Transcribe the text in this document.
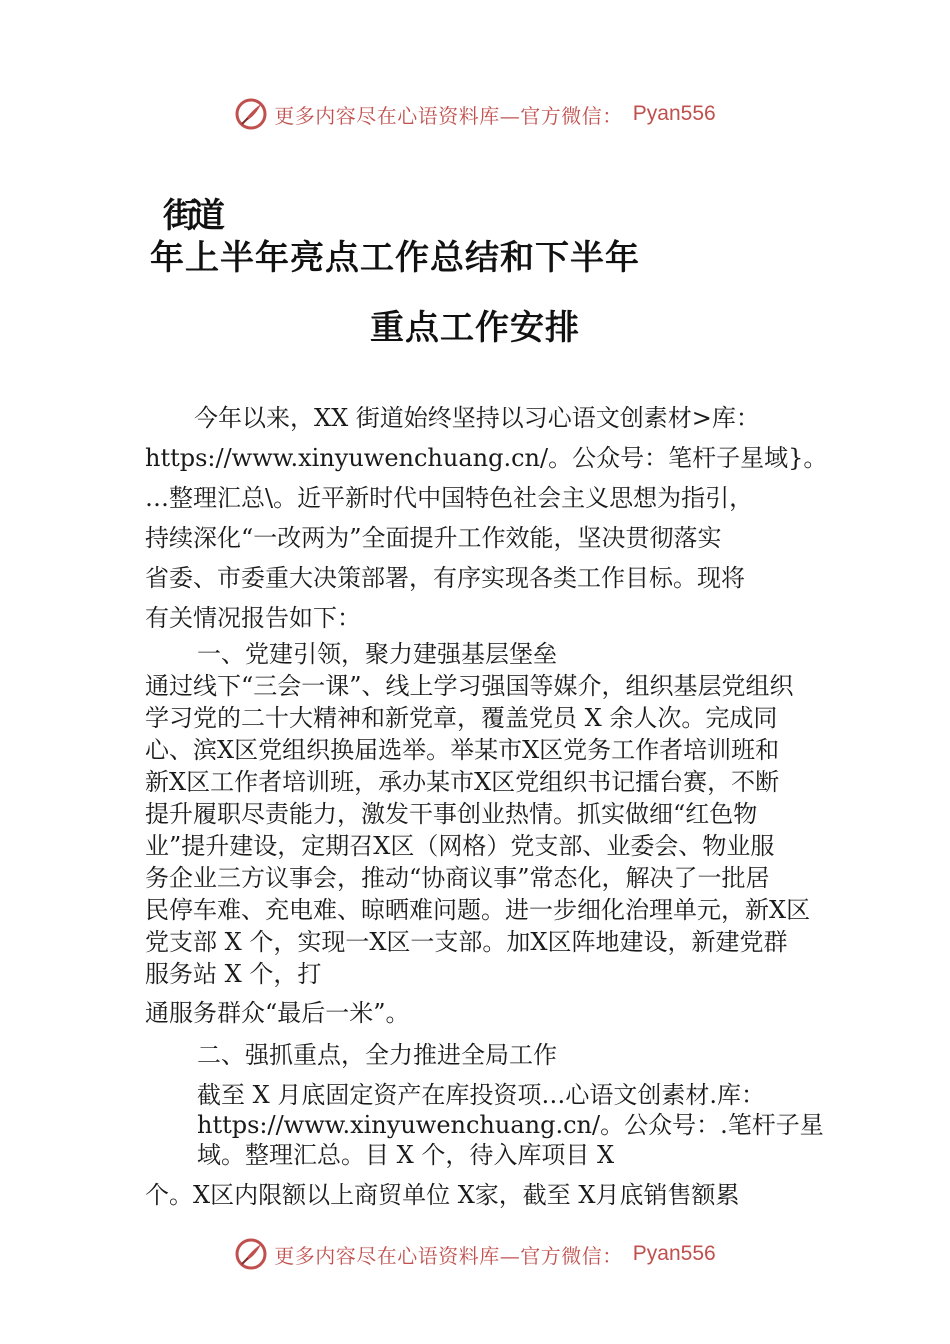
更多内容尽在心语资料库—官方微信： Pyan556
街道
年上半年亮点工作总结和下半年
重点工作安排
今年以来，XX 街道始终坚持以习心语文创素材>库：
https://www.xinyuwenchuang.cn/。公众号：笔杆子星域}。
…整理汇总\。近平新时代中国特色社会主义思想为指引，
持续深化“一改两为”全面提升工作效能，坚决贯彻落实
省委、市委重大决策部署，有序实现各类工作目标。现将
有关情况报告如下：
一、党建引领，聚力建强基层堡垒
通过线下“三会一课”、线上学习强国等媒介，组织基层党组织
学习党的二十大精神和新党章，覆盖党员 X 余人次。完成同
心、滨X区党组织换届选举。举某市X区党务工作者培训班和
新X区工作者培训班，承办某市X区党组织书记擂台赛，不断
提升履职尽责能力，激发干事创业热情。抓实做细“红色物
业”提升建设，定期召X区（网格）党支部、业委会、物业服
务企业三方议事会，推动“协商议事”常态化，解决了一批居
民停车难、充电难、晾晒难问题。进一步细化治理单元，新X区
党支部 X 个，实现一X区一支部。加X区阵地建设，新建党群
服务站 X 个，打
通服务群众“最后一米”。
二、强抓重点，全力推进全局工作
截至 X 月底固定资产在库投资项…心语文创素材.库：
https://www.xinyuwenchuang.cn/。公众号：.笔杆子星
域。整理汇总。目 X 个，待入库项目 X
个。X区内限额以上商贸单位 X家，截至 X月底销售额累
更多内容尽在心语资料库—官方微信： Pyan556
